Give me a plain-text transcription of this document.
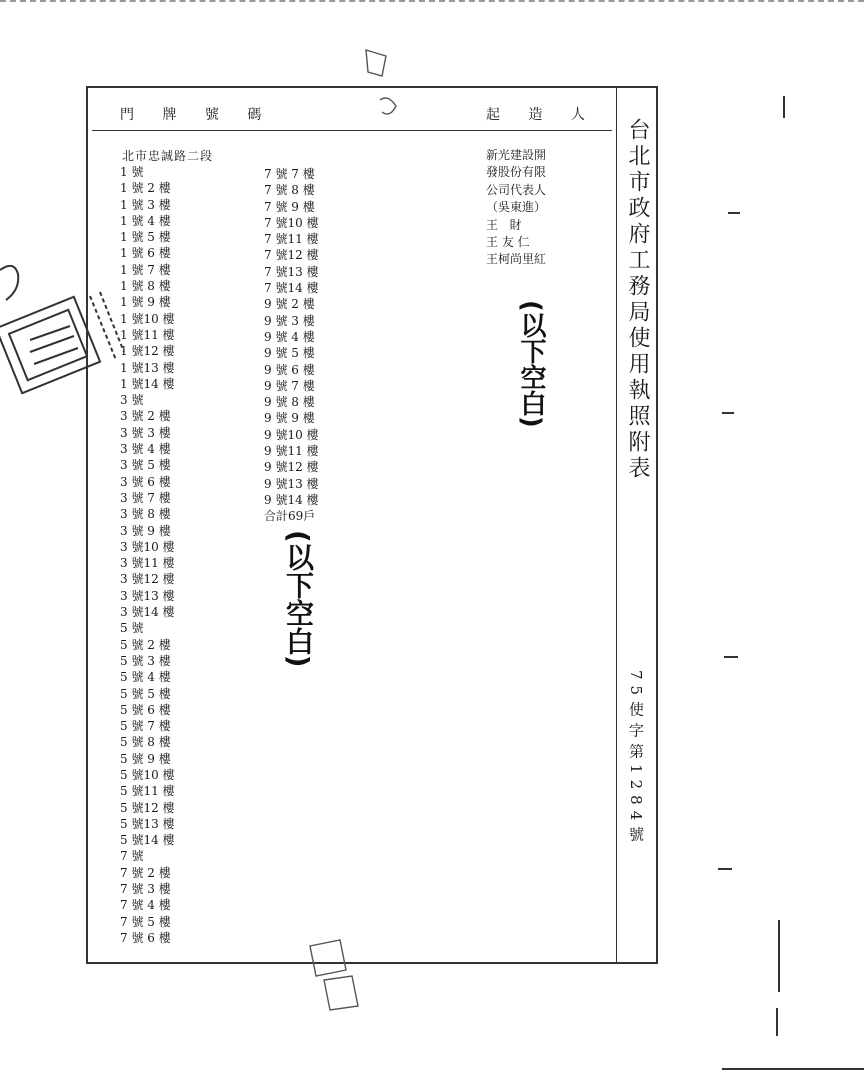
門 牌 號 碼	起 造 人
北市忠誠路二段
1 號
1 號 2 樓
1 號 3 樓
1 號 4 樓
1 號 5 樓
1 號 6 樓
1 號 7 樓
1 號 8 樓
1 號 9 樓
1 號10 樓
1 號11 樓
1 號12 樓
1 號13 樓
1 號14 樓
3 號
3 號 2 樓
3 號 3 樓
3 號 4 樓
3 號 5 樓
3 號 6 樓
3 號 7 樓
3 號 8 樓
3 號 9 樓
3 號10 樓
3 號11 樓
3 號12 樓
3 號13 樓
3 號14 樓
5 號
5 號 2 樓
5 號 3 樓
5 號 4 樓
5 號 5 樓
5 號 6 樓
5 號 7 樓
5 號 8 樓
5 號 9 樓
5 號10 樓
5 號11 樓
5 號12 樓
5 號13 樓
5 號14 樓
7 號
7 號 2 樓
7 號 3 樓
7 號 4 樓
7 號 5 樓
7 號 6 樓
7 號 7 樓
7 號 8 樓
7 號 9 樓
7 號10 樓
7 號11 樓
7 號12 樓
7 號13 樓
7 號14 樓
9 號 2 樓
9 號 3 樓
9 號 4 樓
9 號 5 樓
9 號 6 樓
9 號 7 樓
9 號 8 樓
9 號 9 樓
9 號10 樓
9 號11 樓
9 號12 樓
9 號13 樓
9 號14 樓
合計69戶
新光建設開
發股份有限
公司代表人
（吳東進）
王   財
王 友 仁
王柯尚里紅
(以下空白)
(以下空白)
台北市政府工務局使用執照附表
75使字第1284號
